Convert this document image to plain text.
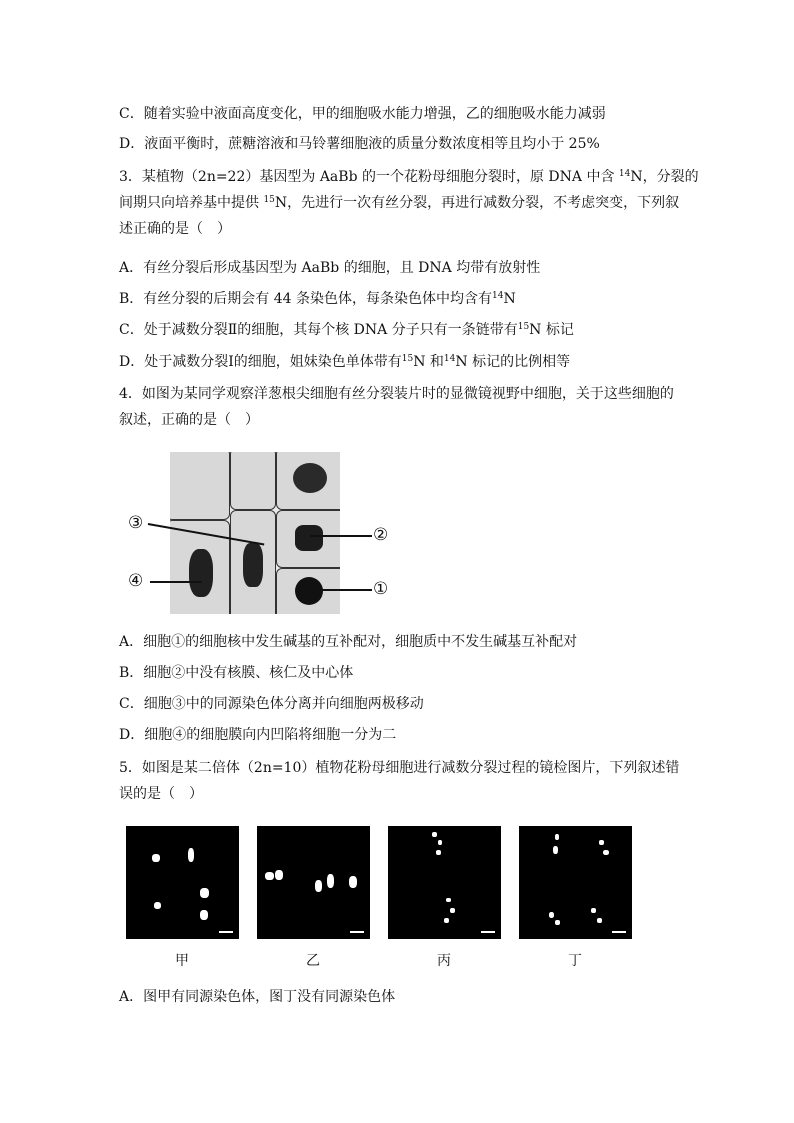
C．随着实验中液面高度变化，甲的细胞吸水能力增强，乙的细胞吸水能力减弱
D．液面平衡时，蔗糖溶液和马铃薯细胞液的质量分数浓度相等且均小于 25%
3．某植物（2n=22）基因型为 AaBb 的一个花粉母细胞分裂时，原 DNA 中含 $^{14}$N，分裂的
间期只向培养基中提供 $^{15}$N，先进行一次有丝分裂，再进行减数分裂，不考虑突变，下列叙
述正确的是（　）
A．有丝分裂后形成基因型为 AaBb 的细胞，且 DNA 均带有放射性
B．有丝分裂的后期会有 44 条染色体，每条染色体中均含有$^{14}$N
C．处于减数分裂Ⅱ的细胞，其每个核 DNA 分子只有一条链带有$^{15}$N 标记
D．处于减数分裂Ⅰ的细胞，姐妹染色单体带有$^{15}$N 和$^{14}$N 标记的比例相等
4．如图为某同学观察洋葱根尖细胞有丝分裂装片时的显微镜视野中细胞，关于这些细胞的
叙述，正确的是（　）
③
②
④	①
A．细胞①的细胞核中发生碱基的互补配对，细胞质中不发生碱基互补配对
B．细胞②中没有核膜、核仁及中心体
C．细胞③中的同源染色体分离并向细胞两极移动
D．细胞④的细胞膜向内凹陷将细胞一分为二
5．如图是某二倍体（2n=10）植物花粉母细胞进行减数分裂过程的镜检图片，下列叙述错
误的是（　）
甲	乙	丙	丁
A．图甲有同源染色体，图丁没有同源染色体
